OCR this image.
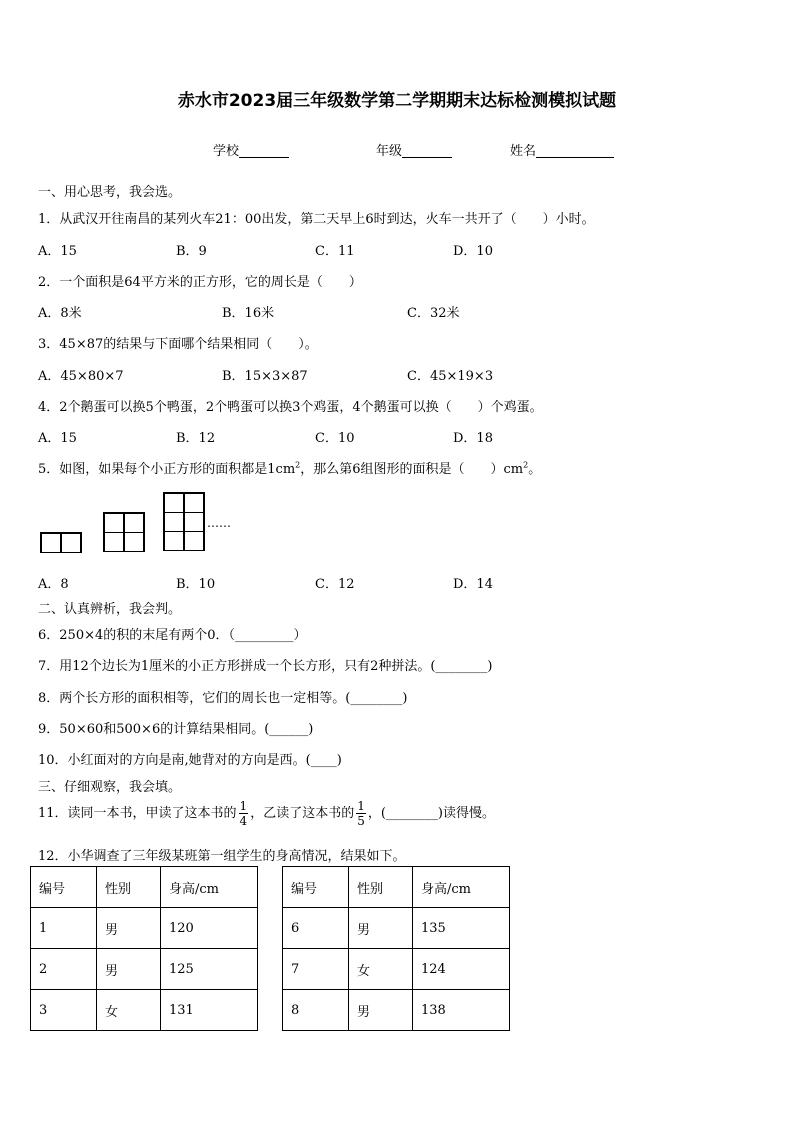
赤水市2023届三年级数学第二学期期末达标检测模拟试题
学校	年级	姓名
一、用心思考，我会选。
1．从武汉开往南昌的某列火车21：00出发，第二天早上6时到达，火车一共开了（　　）小时。
A．15	B．9	C．11	D．10
2．一个面积是64平方米的正方形，它的周长是（　　）
A．8米	B．16米	C．32米
3．45×87的结果与下面哪个结果相同（　　）。
A．45×80×7	B．15×3×87	C．45×19×3
4．2个鹅蛋可以换5个鸭蛋，2个鸭蛋可以换3个鸡蛋，4个鹅蛋可以换（　　）个鸡蛋。
A．15	B．12	C．10	D．18
5．如图，如果每个小正方形的面积都是$1cm^2$，那么第6组图形的面积是（　　）$cm^2$。
……
A．8	B．10	C．12	D．14
二、认真辨析，我会判。
6．250×4的积的末尾有两个0．（_________）
7．用12个边长为1厘米的小正方形拼成一个长方形，只有2种拼法。(________)
8．两个长方形的面积相等，它们的周长也一定相等。(________)
9．50×60和500×6的计算结果相同。(______)
10．小红面对的方向是南,她背对的方向是西。(____)
三、仔细观察，我会填。
11．读同一本书，甲读了这本书的 $\frac{1}{4}$ ，乙读了这本书的 $\frac{1}{5}$ ，(________)读得慢。
12．小华调查了三年级某班第一组学生的身高情况，结果如下。
编号	性别	身高/cm
1	男	120
2	男	125
3	女	131
编号	性别	身高/cm
6	男	135
7	女	124
8	男	138
